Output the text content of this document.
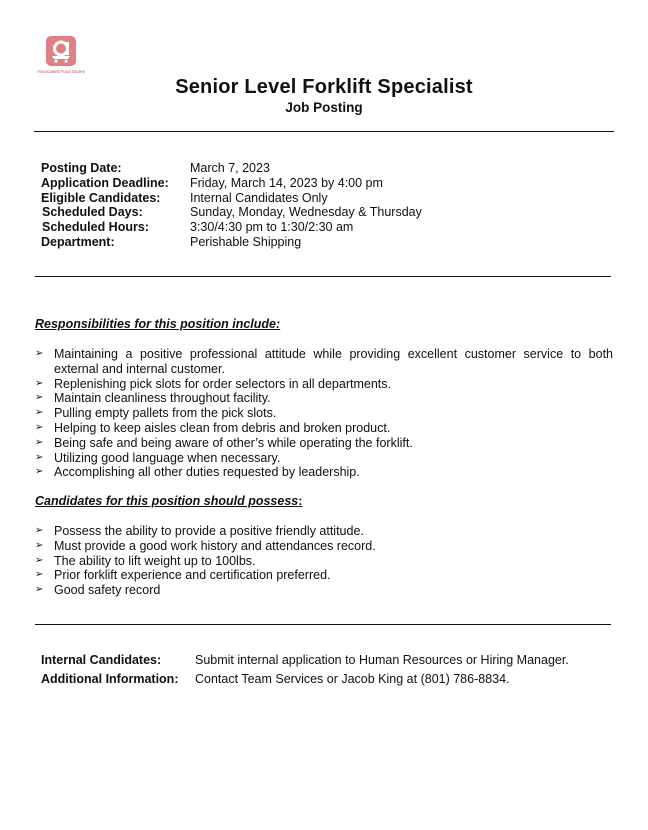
Associated Food Stores
Senior Level Forklift Specialist
Job Posting
Posting Date:	March 7, 2023
Application Deadline: Friday, March 14, 2023 by 4:00 pm
Eligible Candidates: Internal Candidates Only
Scheduled Days:	Sunday, Monday, Wednesday & Thursday
Scheduled Hours:	3:30/4:30 pm to 1:30/2:30 am
Department:	Perishable Shipping
Responsibilities for this position include:
➢ Maintaining a positive professional attitude while providing excellent customer service to both external and internal customer.
➢ Replenishing pick slots for order selectors in all departments.
➢ Maintain cleanliness throughout facility.
➢ Pulling empty pallets from the pick slots.
➢ Helping to keep aisles clean from debris and broken product.
➢ Being safe and being aware of other’s while operating the forklift.
➢ Utilizing good language when necessary.
➢ Accomplishing all other duties requested by leadership.
Candidates for this position should possess:
➢ Possess the ability to provide a positive friendly attitude.
➢ Must provide a good work history and attendances record.
➢ The ability to lift weight up to 100lbs.
➢ Prior forklift experience and certification preferred.
➢ Good safety record
Internal Candidates:	Submit internal application to Human Resources or Hiring Manager.
Additional Information: Contact Team Services or Jacob King at (801) 786-8834.
